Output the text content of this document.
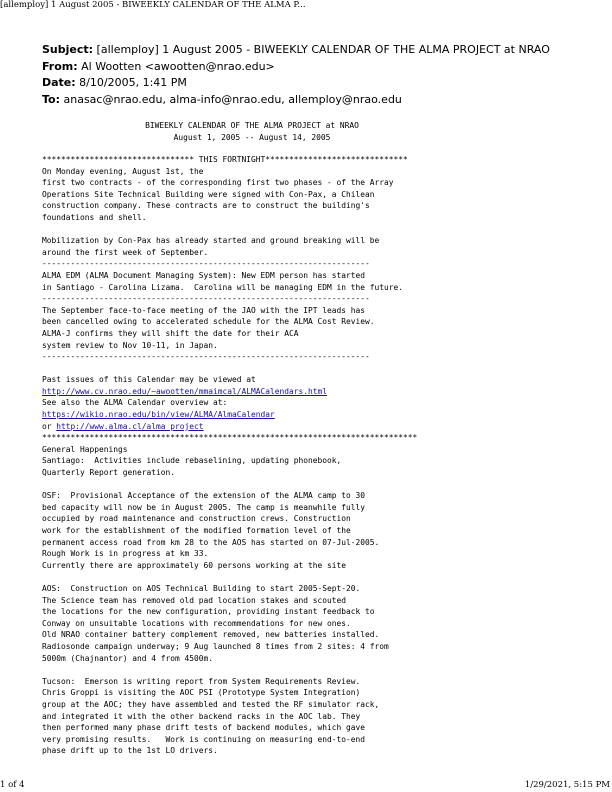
[allemploy] 1 August 2005 - BIWEEKLY CALENDAR OF THE ALMA P...
Subject: [allemploy] 1 August 2005 - BIWEEKLY CALENDAR OF THE ALMA PROJECT at NRAO
From: Al Wootten <awootten@nrao.edu>
Date: 8/10/2005, 1:41 PM
To: anasac@nrao.edu, alma-info@nrao.edu, allemploy@nrao.edu
BIWEEKLY CALENDAR OF THE ALMA PROJECT at NRAO
August 1, 2005 -- August 14, 2005
******************************** THIS FORTNIGHT******************************
On Monday evening, August 1st, the
first two contracts - of the corresponding first two phases - of the Array
Operations Site Technical Building were signed with Con-Pax, a Chilean
construction company. These contracts are to construct the building's
foundations and shell.
Mobilization by Con-Pax has already started and ground breaking will be
around the first week of September.
---------------------------------------------------------------------
ALMA EDM (ALMA Document Managing System): New EDM person has started
in Santiago - Carolina Lizama.  Carolina will be managing EDM in the future.
---------------------------------------------------------------------
The September face-to-face meeting of the JAO with the IPT leads has
been cancelled owing to accelerated schedule for the ALMA Cost Review.
ALMA-J confirms they will shift the date for their ACA
system review to Nov 10-11, in Japan.
---------------------------------------------------------------------
Past issues of this Calendar may be viewed at
http://www.cv.nrao.edu/~awootten/mmaimcal/ALMACalendars.html
See also the ALMA Calendar overview at:
https://wikio.nrao.edu/bin/view/ALMA/AlmaCalendar
or http://www.alma.cl/alma_project
*******************************************************************************
General Happenings
Santiago:  Activities include rebaselining, updating phonebook,
Quarterly Report generation.
OSF:  Provisional Acceptance of the extension of the ALMA camp to 30
bed capacity will now be in August 2005. The camp is meanwhile fully
occupied by road maintenance and construction crews. Construction
work for the establishment of the modified formation level of the
permanent access road from km 28 to the AOS has started on 07-Jul-2005.
Rough Work is in progress at km 33.
Currently there are approximately 60 persons working at the site
AOS:  Construction on AOS Technical Building to start 2005-Sept-20.
The Science team has removed old pad location stakes and scouted
the locations for the new configuration, providing instant feedback to
Conway on unsuitable locations with recommendations for new ones.
Old NRAO container battery complement removed, new batteries installed.
Radiosonde campaign underway; 9 Aug launched 8 times from 2 sites: 4 from
5000m (Chajnantor) and 4 from 4500m.
Tucson:  Emerson is writing report from System Requirements Review.
Chris Groppi is visiting the AOC PSI (Prototype System Integration)
group at the AOC; they have assembled and tested the RF simulator rack,
and integrated it with the other backend racks in the AOC lab. They
then performed many phase drift tests of backend modules, which gave
very promising results.   Work is continuing on measuring end-to-end
phase drift up to the 1st LO drivers.
1 of 4	1/29/2021, 5:15 PM
